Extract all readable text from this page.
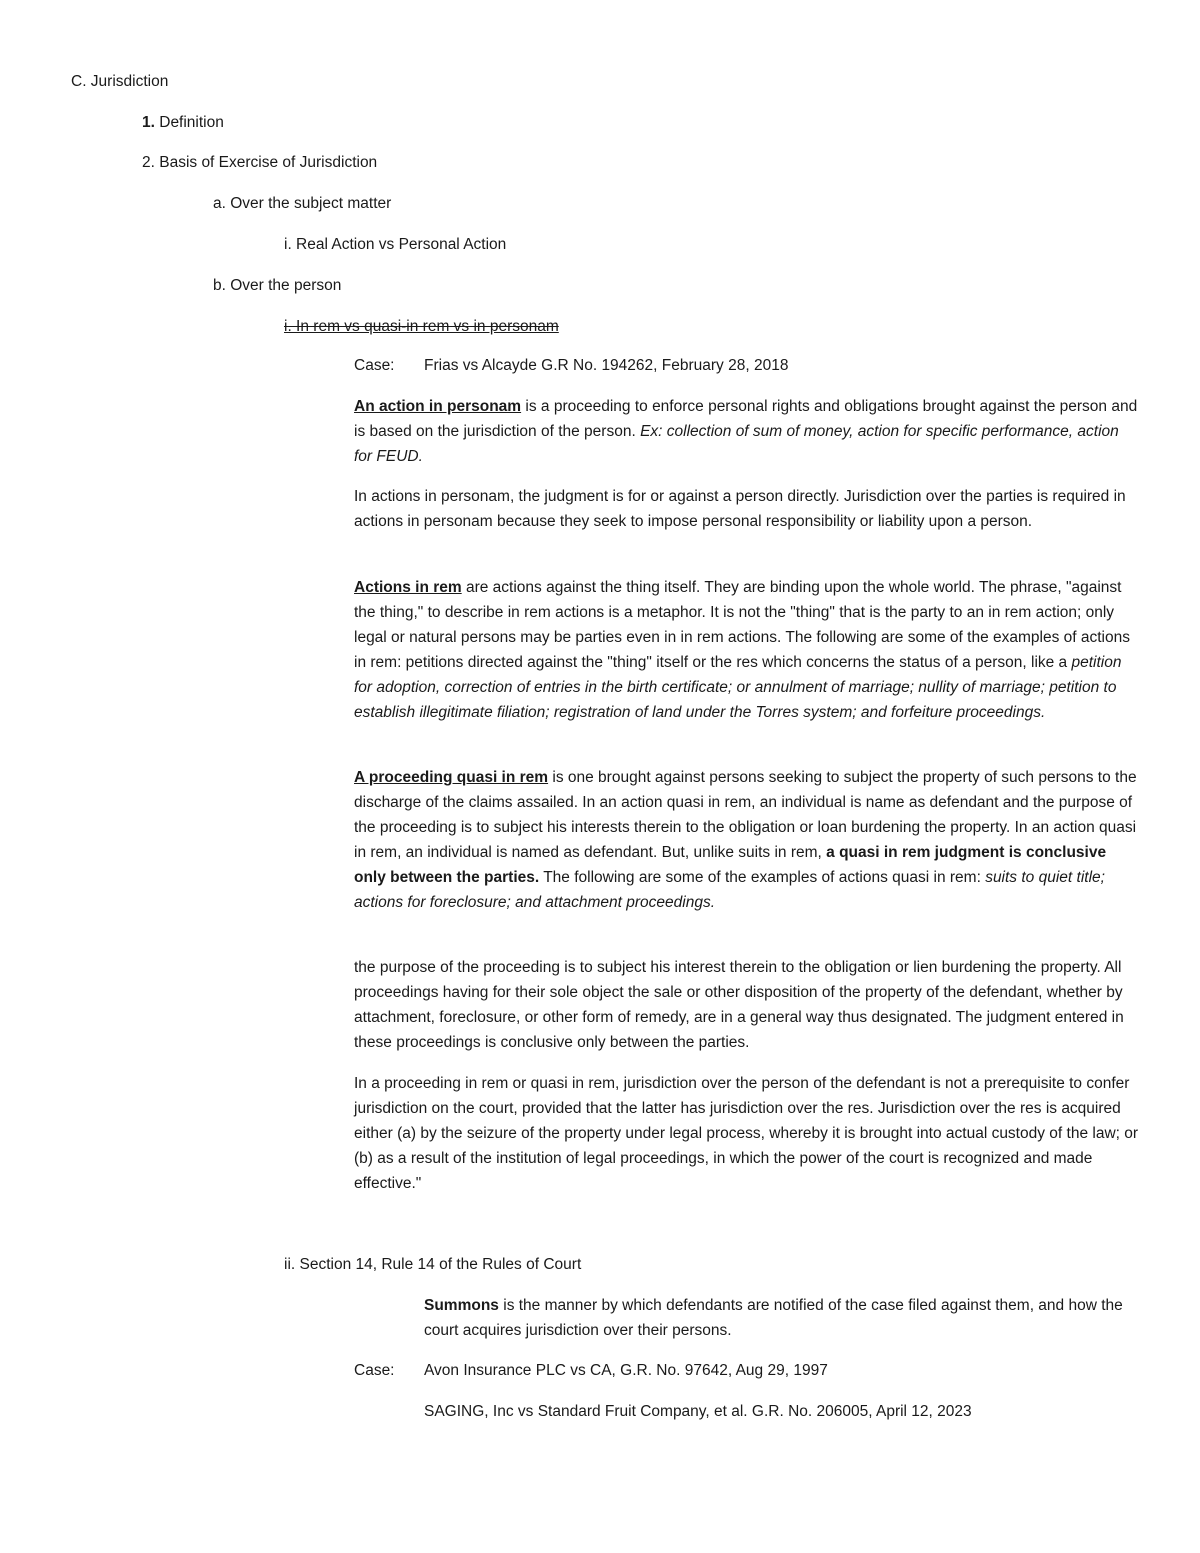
C. Jurisdiction
1. Definition
2. Basis of Exercise of Jurisdiction
a. Over the subject matter
i. Real Action vs Personal Action
b. Over the person
i. In rem vs quasi-in rem vs in personam
Case: Frias vs Alcayde G.R No. 194262, February 28, 2018
An action in personam is a proceeding to enforce personal rights and obligations brought against the person and is based on the jurisdiction of the person. Ex: collection of sum of money, action for specific performance, action for FEUD.
In actions in personam, the judgment is for or against a person directly. Jurisdiction over the parties is required in actions in personam because they seek to impose personal responsibility or liability upon a person.
Actions in rem are actions against the thing itself. They are binding upon the whole world. The phrase, "against the thing," to describe in rem actions is a metaphor. It is not the "thing" that is the party to an in rem action; only legal or natural persons may be parties even in in rem actions. The following are some of the examples of actions in rem: petitions directed against the "thing" itself or the res which concerns the status of a person, like a petition for adoption, correction of entries in the birth certificate; or annulment of marriage; nullity of marriage; petition to establish illegitimate filiation; registration of land under the Torres system; and forfeiture proceedings.
A proceeding quasi in rem is one brought against persons seeking to subject the property of such persons to the discharge of the claims assailed. In an action quasi in rem, an individual is name as defendant and the purpose of the proceeding is to subject his interests therein to the obligation or loan burdening the property. In an action quasi in rem, an individual is named as defendant. But, unlike suits in rem, a quasi in rem judgment is conclusive only between the parties. The following are some of the examples of actions quasi in rem: suits to quiet title; actions for foreclosure; and attachment proceedings.
the purpose of the proceeding is to subject his interest therein to the obligation or lien burdening the property. All proceedings having for their sole object the sale or other disposition of the property of the defendant, whether by attachment, foreclosure, or other form of remedy, are in a general way thus designated. The judgment entered in these proceedings is conclusive only between the parties.
In a proceeding in rem or quasi in rem, jurisdiction over the person of the defendant is not a prerequisite to confer jurisdiction on the court, provided that the latter has jurisdiction over the res. Jurisdiction over the res is acquired either (a) by the seizure of the property under legal process, whereby it is brought into actual custody of the law; or (b) as a result of the institution of legal proceedings, in which the power of the court is recognized and made effective."
ii. Section 14, Rule 14 of the Rules of Court
Summons is the manner by which defendants are notified of the case filed against them, and how the court acquires jurisdiction over their persons.
Case: Avon Insurance PLC vs CA, G.R. No. 97642, Aug 29, 1997
SAGING, Inc vs Standard Fruit Company, et al. G.R. No. 206005, April 12, 2023
